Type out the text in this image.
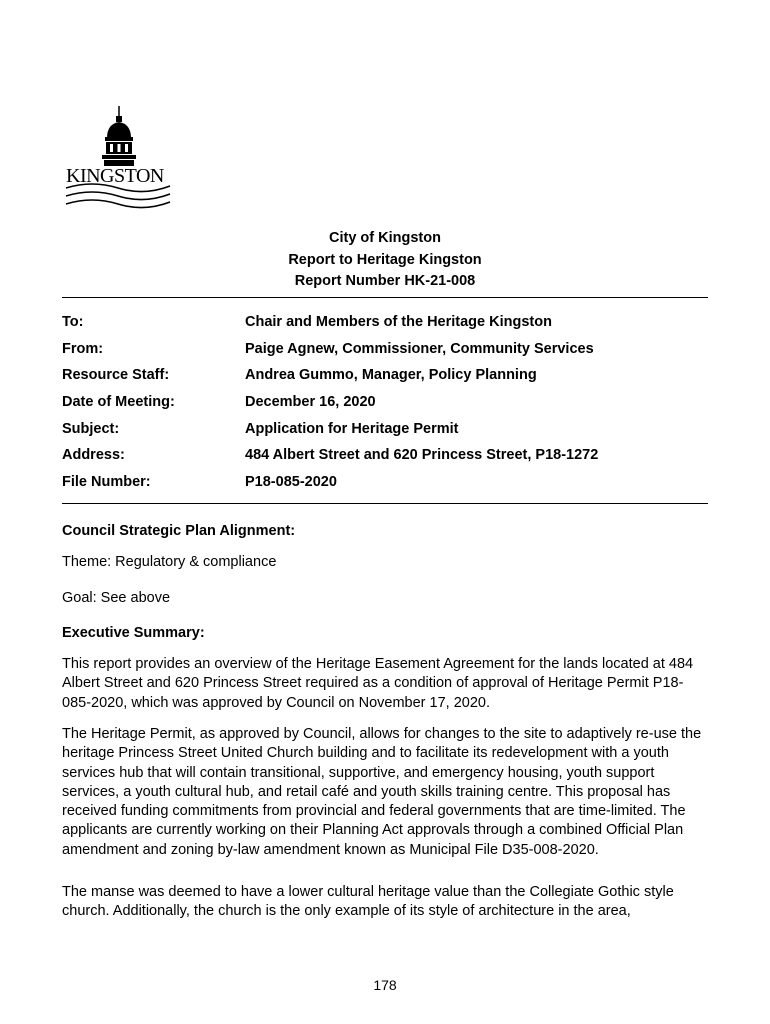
KINGSTON
City of Kingston
Report to Heritage Kingston
Report Number HK-21-008
To:	Chair and Members of the Heritage Kingston
From:	Paige Agnew, Commissioner, Community Services
Resource Staff:	Andrea Gummo, Manager, Policy Planning
Date of Meeting:	December 16, 2020
Subject:	Application for Heritage Permit
Address:	484 Albert Street and 620 Princess Street, P18-1272
File Number:	P18-085-2020
Council Strategic Plan Alignment:
Theme: Regulatory & compliance
Goal: See above
Executive Summary:
This report provides an overview of the Heritage Easement Agreement for the lands located at 484 Albert Street and 620 Princess Street required as a condition of approval of Heritage Permit P18-085-2020, which was approved by Council on November 17, 2020.
The Heritage Permit, as approved by Council, allows for changes to the site to adaptively re-use the heritage Princess Street United Church building and to facilitate its redevelopment with a youth services hub that will contain transitional, supportive, and emergency housing, youth support services, a youth cultural hub, and retail café and youth skills training centre. This proposal has received funding commitments from provincial and federal governments that are time-limited. The applicants are currently working on their Planning Act approvals through a combined Official Plan amendment and zoning by-law amendment known as Municipal File D35-008-2020.
The manse was deemed to have a lower cultural heritage value than the Collegiate Gothic style church. Additionally, the church is the only example of its style of architecture in the area,
178
